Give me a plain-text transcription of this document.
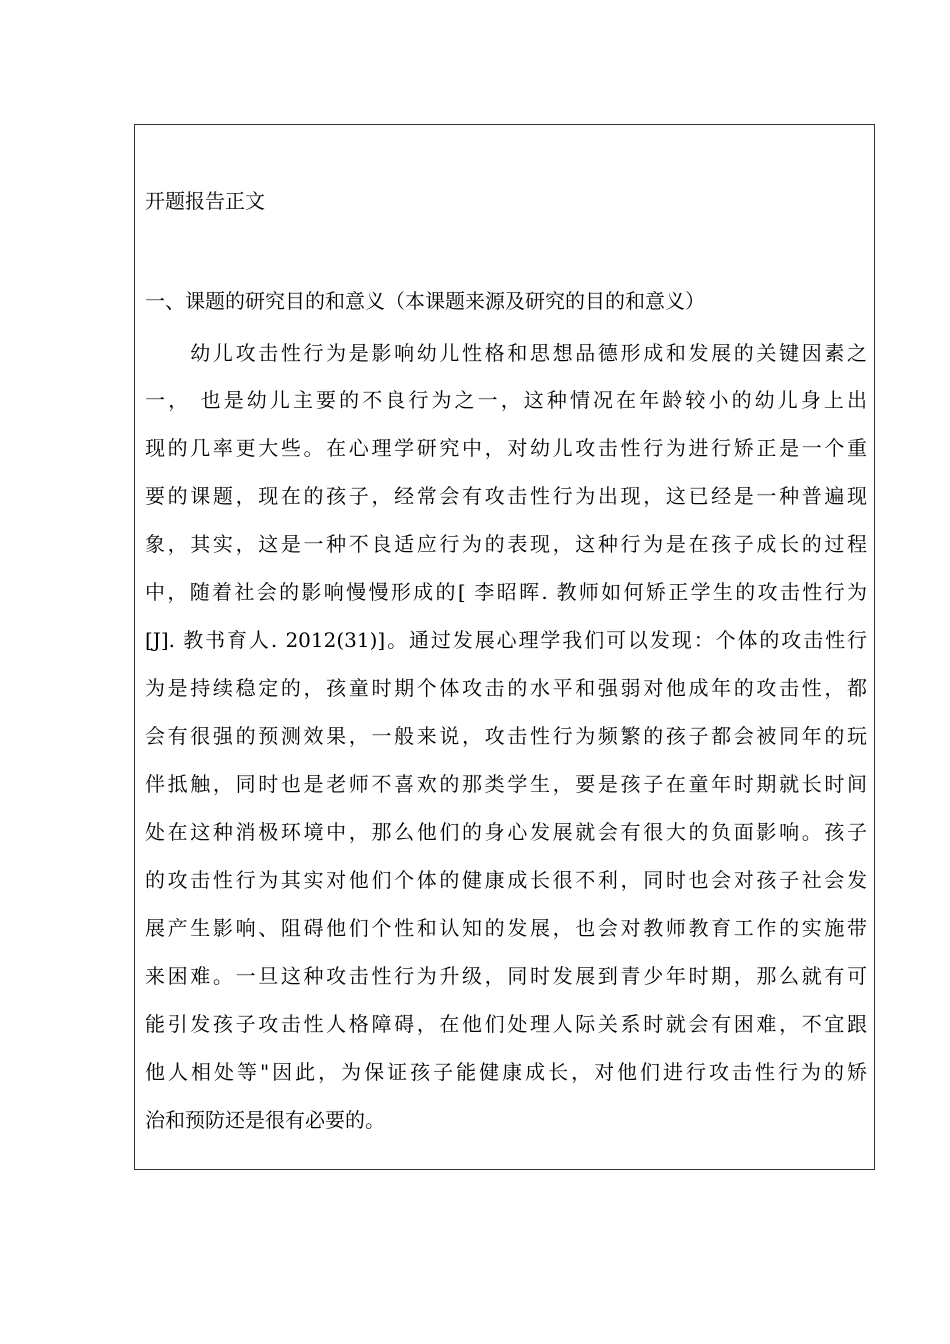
开题报告正文
一、课题的研究目的和意义（本课题来源及研究的目的和意义）
　　幼儿攻击性行为是影响幼儿性格和思想品德形成和发展的关键因素之
一， 也是幼儿主要的不良行为之一，这种情况在年龄较小的幼儿身上出
现的几率更大些。在心理学研究中，对幼儿攻击性行为进行矫正是一个重
要的课题，现在的孩子，经常会有攻击性行为出现，这已经是一种普遍现
象，其实，这是一种不良适应行为的表现，这种行为是在孩子成长的过程
中，随着社会的影响慢慢形成的[ 李昭晖. 教师如何矫正学生的攻击性行为
[J]. 教书育人. 2012(31)]。通过发展心理学我们可以发现：个体的攻击性行
为是持续稳定的，孩童时期个体攻击的水平和强弱对他成年的攻击性，都
会有很强的预测效果，一般来说，攻击性行为频繁的孩子都会被同年的玩
伴抵触，同时也是老师不喜欢的那类学生，要是孩子在童年时期就长时间
处在这种消极环境中，那么他们的身心发展就会有很大的负面影响。孩子
的攻击性行为其实对他们个体的健康成长很不利，同时也会对孩子社会发
展产生影响、阻碍他们个性和认知的发展，也会对教师教育工作的实施带
来困难。一旦这种攻击性行为升级，同时发展到青少年时期，那么就有可
能引发孩子攻击性人格障碍，在他们处理人际关系时就会有困难，不宜跟
他人相处等"因此，为保证孩子能健康成长，对他们进行攻击性行为的矫
治和预防还是很有必要的。
